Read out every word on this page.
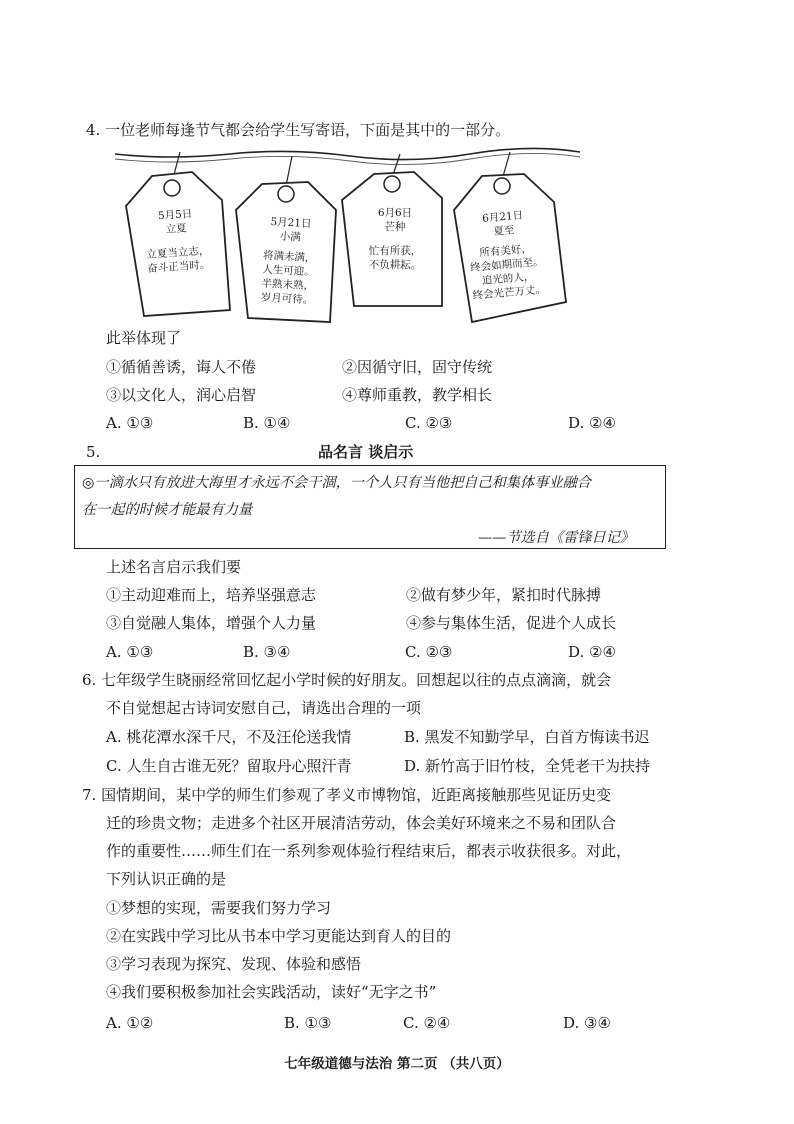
4. 一位老师每逢节气都会给学生写寄语，下面是其中的一部分。
5月5日
立夏
立夏当立志，
奋斗正当时。
5月21日
小满
将满未满，
人生可迎。
半熟未熟，
岁月可待。
6月6日
芒种
忙有所获，
不负耕耘。
6月21日
夏至
所有美好，
终会如期而至。
追光的人，
终会光芒万丈。
此举体现了
①循循善诱，诲人不倦	②因循守旧，固守传统
③以文化人，润心启智	④尊师重教，教学相长
A. ①③	B. ①④	C. ②③	D. ②④
5.	品名言 谈启示
◎一滴水只有放进大海里才永远不会干涸，一个人只有当他把自己和集体事业融合
在一起的时候才能最有力量
——节选自《雷锋日记》
上述名言启示我们要
①主动迎难而上，培养坚强意志	②做有梦少年，紧扣时代脉搏
③自觉融人集体，增强个人力量	④参与集体生活，促进个人成长
A. ①③	B. ③④	C. ②③	D. ②④
6. 七年级学生晓丽经常回忆起小学时候的好朋友。回想起以往的点点滴滴，就会
不自觉想起古诗词安慰自己，请选出合理的一项
A. 桃花潭水深千尺，不及汪伦送我情	B. 黑发不知勤学早，白首方悔读书迟
C. 人生自古谁无死？留取丹心照汗青	D. 新竹高于旧竹枝，全凭老干为扶持
7. 国情期间，某中学的师生们参观了孝义市博物馆，近距离接触那些见证历史变
迁的珍贵文物；走进多个社区开展清洁劳动，体会美好环境来之不易和团队合
作的重要性……师生们在一系列参观体验行程结束后，都表示收获很多。对此，
下列认识正确的是
①梦想的实现，需要我们努力学习
②在实践中学习比从书本中学习更能达到育人的目的
③学习表现为探究、发现、体验和感悟
④我们要积极参加社会实践活动，读好“无字之书”
A. ①②	B. ①③	C. ②④	D. ③④
七年级道德与法治 第二页 （共八页）
